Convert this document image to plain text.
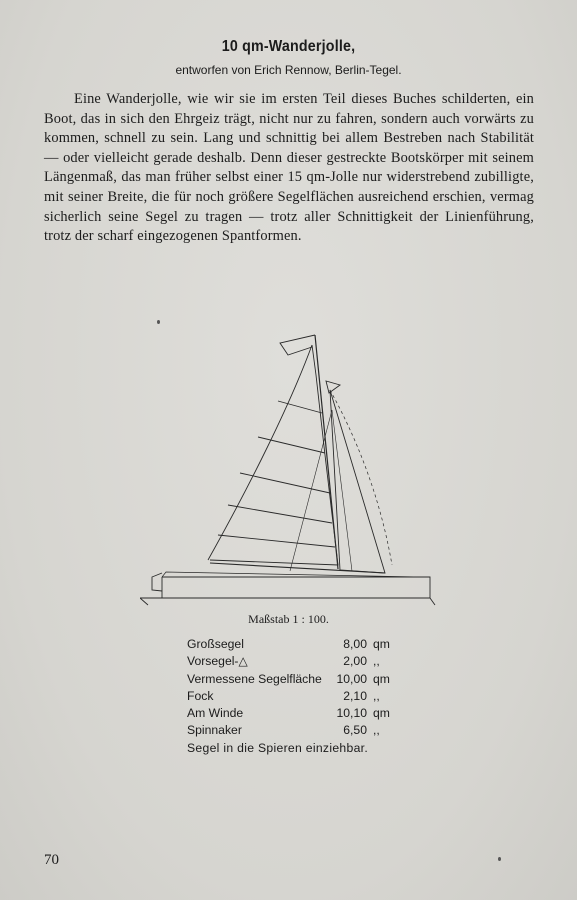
10 qm-Wanderjolle,
entworfen von Erich Rennow, Berlin-Tegel.

Eine Wanderjolle, wie wir sie im ersten Teil dieses Buches schilderten, ein Boot, das in sich den Ehrgeiz trägt, nicht nur zu fahren, sondern auch vorwärts zu kommen, schnell zu sein. Lang und schnittig bei allem Bestreben nach Stabilität — oder vielleicht gerade deshalb. Denn dieser gestreckte Bootskörper mit seinem Längenmaß, das man früher selbst einer 15 qm-Jolle nur widerstrebend zubilligte, mit seiner Breite, die für noch größere Segelflächen ausreichend erschien, vermag sicherlich seine Segel zu tragen — trotz aller Schnittigkeit der Linienführung, trotz der scharf eingezogenen Spantformen.

Maßstab 1 : 100.
Großsegel	8,00 qm
Vorsegel-△	2,00 ,,
Vermessene Segelfläche	10,00 qm
Fock	2,10 ,,
Am Winde	10,10 qm
Spinnaker	6,50 ,,
Segel in die Spieren einziehbar.
70
